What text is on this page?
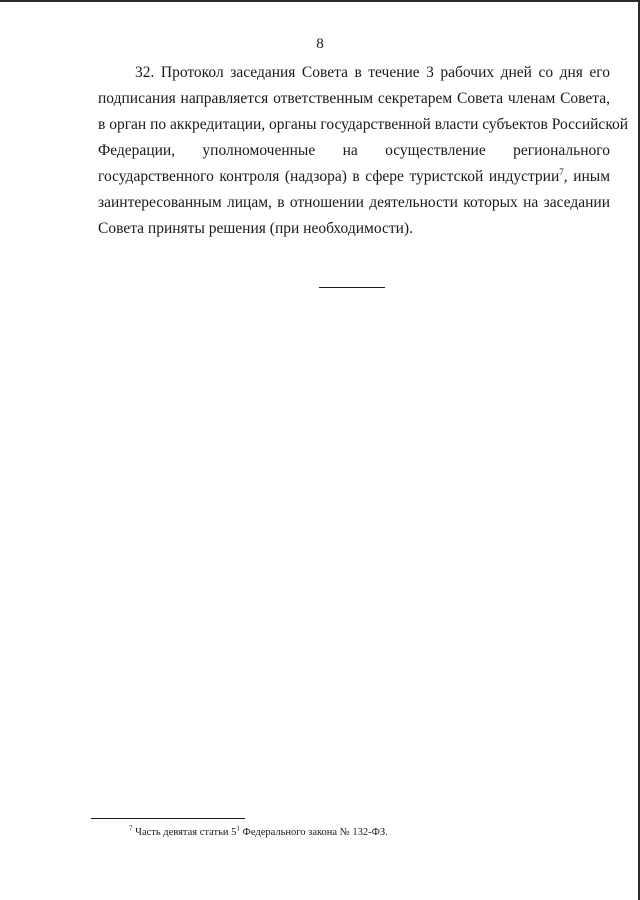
8
32. Протокол заседания Совета в течение 3 рабочих дней со дня его
подписания направляется ответственным секретарем Совета членам Совета,
в орган по аккредитации, органы государственной власти субъектов Российской
Федерации, уполномоченные на осуществление регионального
государственного контроля (надзора) в сфере туристской индустрии$^7$, иным
заинтересованным лицам, в отношении деятельности которых на заседании
Совета приняты решения (при необходимости).
$^7$ Часть девятая статьи $5^1$ Федерального закона № 132-ФЗ.
